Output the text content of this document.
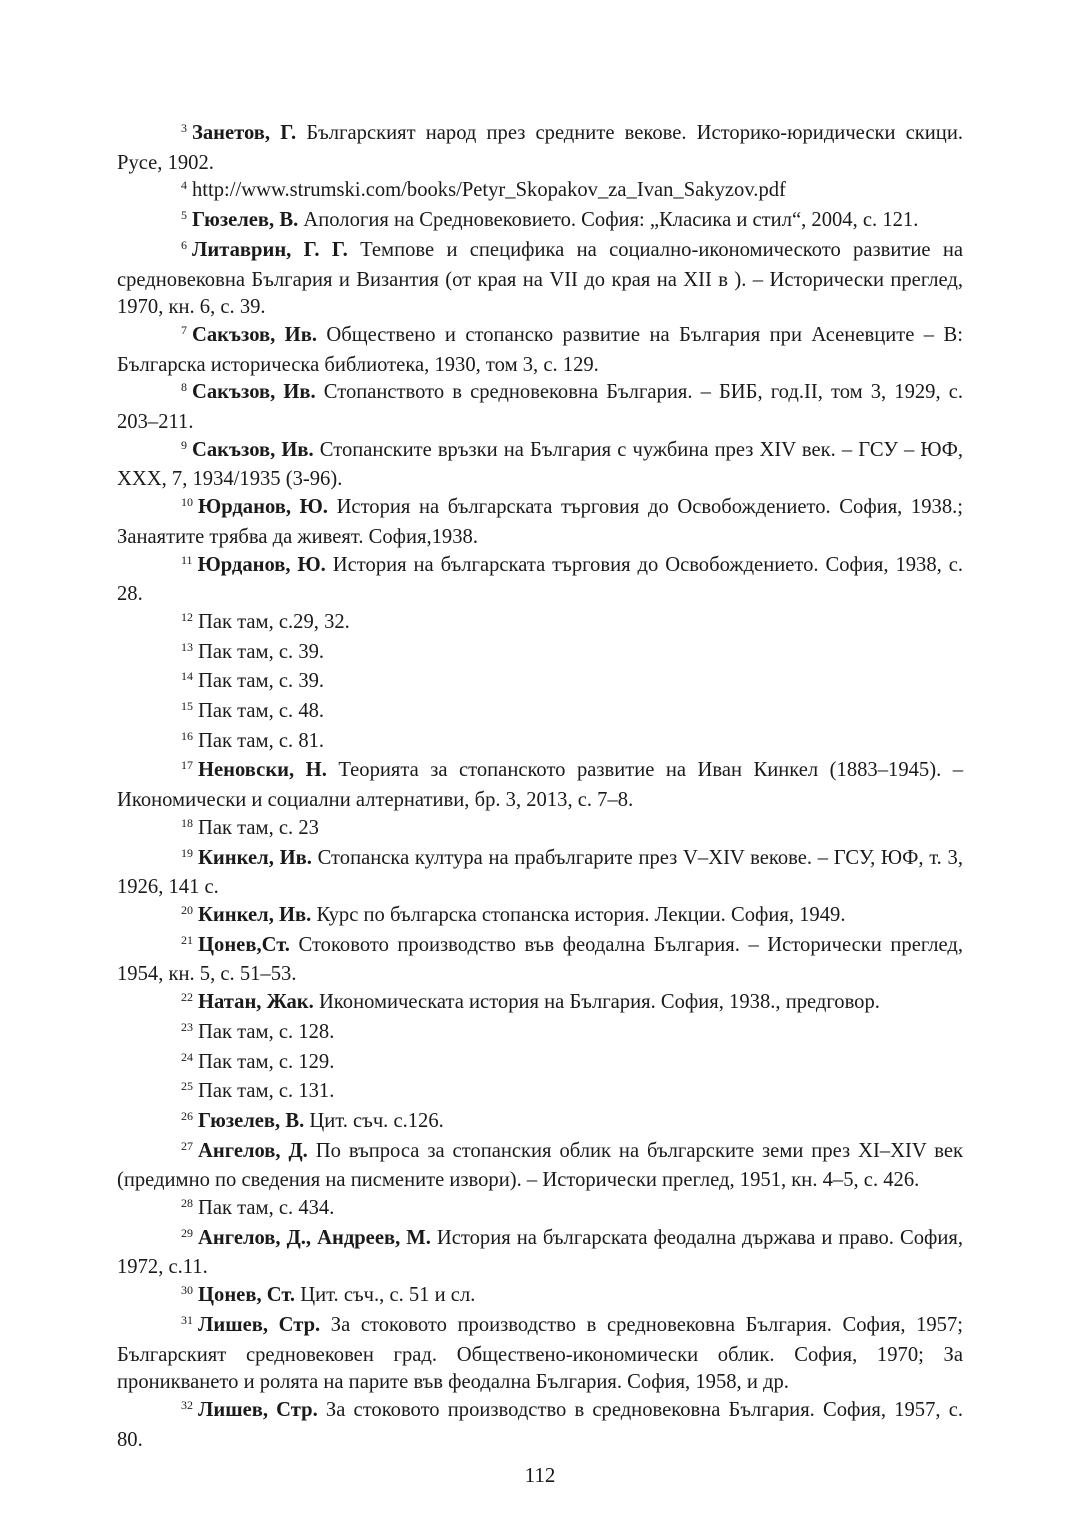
$^3$ Занетов, Г. Българският народ през средните векове. Историко-юридически скици. Русе, 1902.

$^4$ http://www.strumski.com/books/Petyr_Skopakov_za_Ivan_Sakyzov.pdf

$^5$ Гюзелев, В. Апология на Средновековието. София: „Класика и стил“, 2004, с. 121.

$^6$ Литаврин, Г. Г. Темпове и специфика на социално-икономическото развитие на средновековна България и Византия (от края на VII до края на XII в ). – Исторически преглед, 1970, кн. 6, с. 39.

$^7$ Сакъзов, Ив. Обществено и стопанско развитие на България при Асеневците – В: Българска историческа библиотека, 1930, том 3, с. 129.

$^8$ Сакъзов, Ив. Стопанството в средновековна България. – БИБ, год.II, том 3, 1929, с. 203–211.

$^9$ Сакъзов, Ив. Стопанските връзки на България с чужбина през XIV век. – ГСУ – ЮФ, XXX, 7, 1934/1935 (3-96).

$^{10}$ Юрданов, Ю. История на българската търговия до Освобождението. София, 1938.; Занаятите трябва да живеят. София,1938.

$^{11}$ Юрданов, Ю. История на българската търговия до Освобождението. София, 1938, с. 28.

$^{12}$ Пак там, с.29, 32.

$^{13}$ Пак там, с. 39.

$^{14}$ Пак там, с. 39.

$^{15}$ Пак там, с. 48.

$^{16}$ Пак там, с. 81.

$^{17}$ Неновски, Н. Теорията за стопанското развитие на Иван Кинкел (1883–1945). – Икономически и социални алтернативи, бр. 3, 2013, с. 7–8.

$^{18}$ Пак там, с. 23

$^{19}$ Кинкел, Ив. Стопанска култура на прабългарите през V–XIV векове. – ГСУ, ЮФ, т. 3, 1926, 141 с.

$^{20}$ Кинкел, Ив. Курс по българска стопанска история. Лекции. София, 1949.

$^{21}$ Цонев,Ст. Стоковото производство във феодална България. – Исторически преглед, 1954, кн. 5, с. 51–53.

$^{22}$ Натан, Жак. Икономическата история на България. София, 1938., предговор.

$^{23}$ Пак там, с. 128.

$^{24}$ Пак там, с. 129.

$^{25}$ Пак там, с. 131.

$^{26}$ Гюзелев, В. Цит. съч. с.126.

$^{27}$ Ангелов, Д. По въпроса за стопанския облик на българските земи през XI–XIV век (предимно по сведения на писмените извори). – Исторически преглед, 1951, кн. 4–5, с. 426.

$^{28}$ Пак там, с. 434.

$^{29}$ Ангелов, Д., Андреев, М. История на българската феодална държава и право. София, 1972, с.11.

$^{30}$ Цонев, Ст. Цит. съч., с. 51 и сл.

$^{31}$ Лишев, Стр. За стоковото производство в средновековна България. София, 1957; Българският средновековен град. Обществено-икономически облик. София, 1970; За проникването и ролята на парите във феодална България. София, 1958, и др.

$^{32}$ Лишев, Стр. За стоковото производство в средновековна България. София, 1957, с. 80.

112
